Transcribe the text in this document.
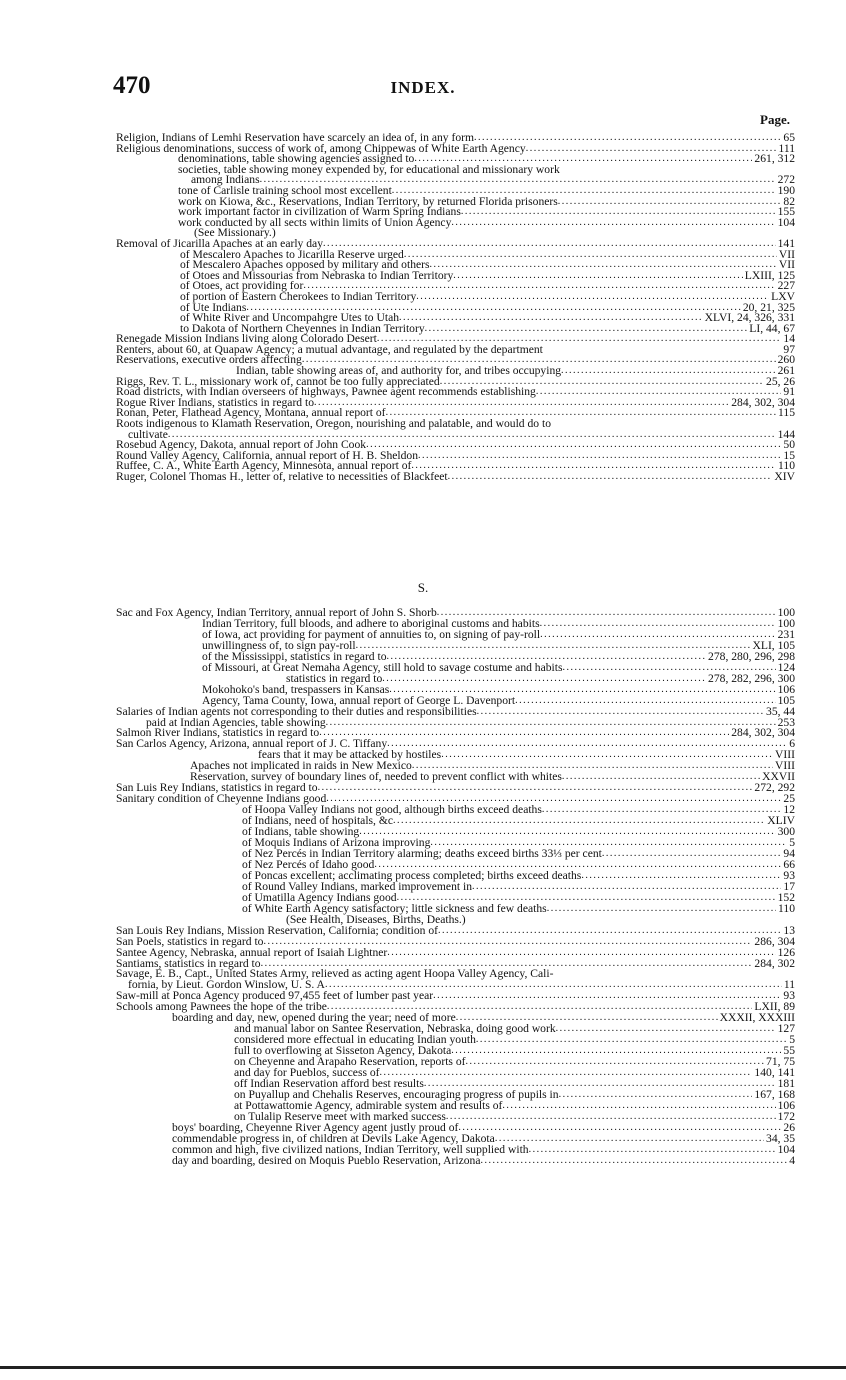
470	INDEX.
Page.
Religion, Indians of Lemhi Reservation have scarcely an idea of, in any form .....	65
Religious denominations, success of work of, among Chippewas of White Earth Agency .....	111
denominations, table showing agencies assigned to .....	261, 312
societies, table showing money expended by, for educational and missionary work
among Indians .....	272
tone of Carlisle training school most excellent .....	190
work on Kiowa, &c., Reservations, Indian Territory, by returned Florida prisoners .....	82
work important factor in civilization of Warm Spring Indians .....	155
work conducted by all sects within limits of Union Agency .....	104
(See Missionary.)
Removal of Jicarilla Apaches at an early day .....	141
of Mescalero Apaches to Jicarilla Reserve urged .....	VII
of Mescalero Apaches opposed by military and others .....	VII
of Otoes and Missourias from Nebraska to Indian Territory .....	LXIII, 125
of Otoes, act providing for .....	227
of portion of Eastern Cherokees to Indian Territory .....	LXV
of Ute Indians .....	20, 21, 325
of White River and Uncompahgre Utes to Utah .....	XLVI, 24, 326, 331
to Dakota of Northern Cheyennes in Indian Territory .....	LI, 44, 67
Renegade Mission Indians living along Colorado Desert .....	14
Renters, about 60, at Quapaw Agency; a mutual advantage, and regulated by the department	97
Reservations, executive orders affecting .....	260
Indian, table showing areas of, and authority for, and tribes occupying .....	261
Riggs, Rev. T. L., missionary work of, cannot be too fully appreciated .....	25, 26
Road districts, with Indian overseers of highways, Pawnee agent recommends establishing .....	91
Rogue River Indians, statistics in regard to .....	284, 302, 304
Ronan, Peter, Flathead Agency, Montana, annual report of .....	115
Roots indigenous to Klamath Reservation, Oregon, nourishing and palatable, and would do to
cultivate .....	144
Rosebud Agency, Dakota, annual report of John Cook .....	50
Round Valley Agency, California, annual report of H. B. Sheldon .....	15
Ruffee, C. A., White Earth Agency, Minnesota, annual report of .....	110
Ruger, Colonel Thomas H., letter of, relative to necessities of Blackfeet .....	XIV
S.
Sac and Fox Agency, Indian Territory, annual report of John S. Shorb .....	100
Indian Territory, full bloods, and adhere to aboriginal customs and habits .....	100
of Iowa, act providing for payment of annuities to, on signing of pay-roll .....	231
unwillingness of, to sign pay-roll .....	XLI, 105
of the Mississippi, statistics in regard to .....	278, 280, 296, 298
of Missouri, at Great Nemaha Agency, still hold to savage costume and habits .....	124
statistics in regard to .....	278, 282, 296, 300
Mokohoko's band, trespassers in Kansas .....	106
Agency, Tama County, Iowa, annual report of George L. Davenport .....	105
Salaries of Indian agents not corresponding to their duties and responsibilities .....	35, 44
paid at Indian Agencies, table showing .....	253
Salmon River Indians, statistics in regard to .....	284, 302, 304
San Carlos Agency, Arizona, annual report of J. C. Tiffany .....	6
fears that it may be attacked by hostiles .....	VIII
Apaches not implicated in raids in New Mexico .....	VIII
Reservation, survey of boundary lines of, needed to prevent conflict with whites .....	XXVII
San Luis Rey Indians, statistics in regard to .....	272, 292
Sanitary condition of Cheyenne Indians good .....	25
of Hoopa Valley Indians not good, although births exceed deaths .....	12
of Indians, need of hospitals, &c .....	XLIV
of Indians, table showing .....	300
of Moquis Indians of Arizona improving .....	5
of Nez Percés in Indian Territory alarming; deaths exceed births 33⅓ per cent .....	94
of Nez Percés of Idaho good .....	66
of Poncas excellent; acclimating process completed; births exceed deaths .....	93
of Round Valley Indians, marked improvement in .....	17
of Umatilla Agency Indians good .....	152
of White Earth Agency satisfactory; little sickness and few deaths .....	110
(See Health, Diseases, Births, Deaths.)
San Louis Rey Indians, Mission Reservation, California; condition of .....	13
San Poels, statistics in regard to .....	286, 304
Santee Agency, Nebraska, annual report of Isaiah Lightner .....	126
Santiams, statistics in regard to .....	284, 302
Savage, E. B., Capt., United States Army, relieved as acting agent Hoopa Valley Agency, Cali-
fornia, by Lieut. Gordon Winslow, U. S. A .....	11
Saw-mill at Ponca Agency produced 97,455 feet of lumber past year .....	93
Schools among Pawnees the hope of the tribe .....	LXII, 89
boarding and day, new, opened during the year; need of more .....	XXXII, XXXIII
and manual labor on Santee Reservation, Nebraska, doing good work .....	127
considered more effectual in educating Indian youth .....	5
full to overflowing at Sisseton Agency, Dakota .....	55
on Cheyenne and Arapaho Reservation, reports of .....	71, 75
and day for Pueblos, success of .....	140, 141
off Indian Reservation afford best results .....	181
on Puyallup and Chehalis Reserves, encouraging progress of pupils in .....	167, 168
at Pottawattomie Agency, admirable system and results of .....	106
on Tulalip Reserve meet with marked success .....	172
boys' boarding, Cheyenne River Agency agent justly proud of .....	26
commendable progress in, of children at Devils Lake Agency, Dakota .....	34, 35
common and high, five civilized nations, Indian Territory, well supplied with .....	104
day and boarding, desired on Moquis Pueblo Reservation, Arizona .....	4
